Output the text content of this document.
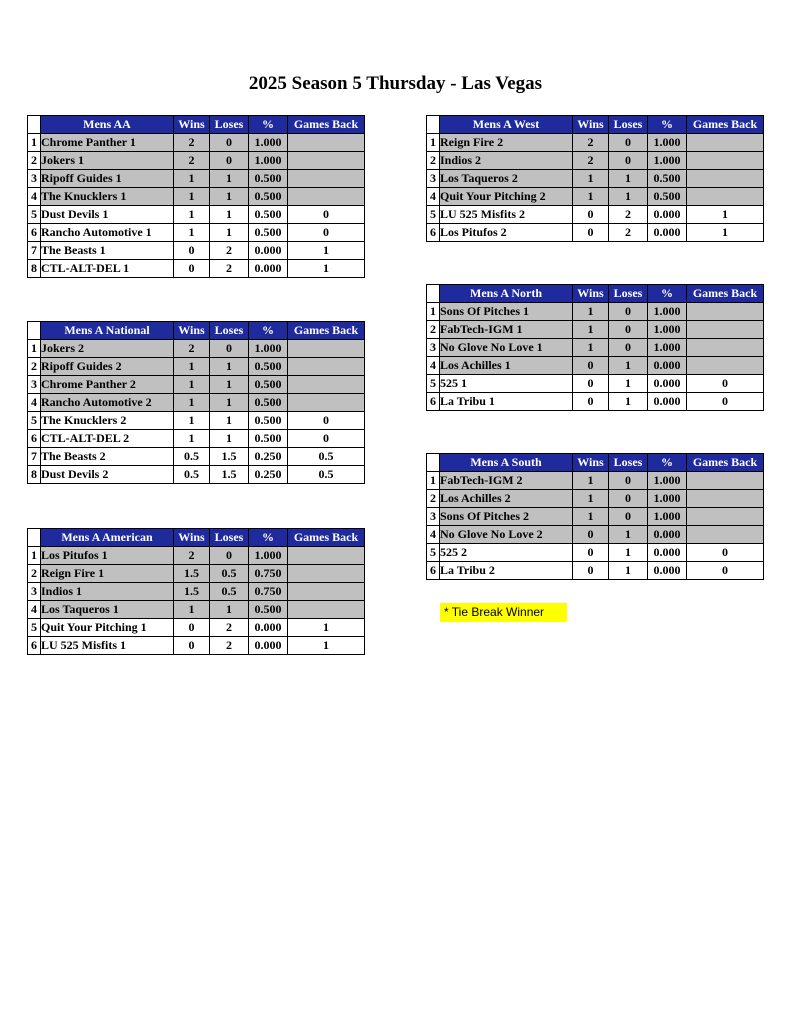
2025 Season 5 Thursday - Las Vegas
	Mens AA	Wins	Loses	%	Games Back
1	Chrome Panther 1	2	0	1.000	
2	Jokers 1	2	0	1.000	
3	Ripoff Guides 1	1	1	0.500	
4	The Knucklers 1	1	1	0.500	
5	Dust Devils 1	1	1	0.500	0
6	Rancho Automotive 1	1	1	0.500	0
7	The Beasts 1	0	2	0.000	1
8	CTL-ALT-DEL 1	0	2	0.000	1
	Mens A National	Wins	Loses	%	Games Back
1	Jokers 2	2	0	1.000	
2	Ripoff Guides 2	1	1	0.500	
3	Chrome Panther 2	1	1	0.500	
4	Rancho Automotive 2	1	1	0.500	
5	The Knucklers 2	1	1	0.500	0
6	CTL-ALT-DEL 2	1	1	0.500	0
7	The Beasts 2	0.5	1.5	0.250	0.5
8	Dust Devils 2	0.5	1.5	0.250	0.5
	Mens A American	Wins	Loses	%	Games Back
1	Los Pitufos 1	2	0	1.000	
2	Reign Fire 1	1.5	0.5	0.750	
3	Indios 1	1.5	0.5	0.750	
4	Los Taqueros 1	1	1	0.500	
5	Quit Your Pitching 1	0	2	0.000	1
6	LU 525 Misfits 1	0	2	0.000	1
	Mens A West	Wins	Loses	%	Games Back
1	Reign Fire 2	2	0	1.000	
2	Indios 2	2	0	1.000	
3	Los Taqueros 2	1	1	0.500	
4	Quit Your Pitching 2	1	1	0.500	
5	LU 525 Misfits 2	0	2	0.000	1
6	Los Pitufos 2	0	2	0.000	1
	Mens A North	Wins	Loses	%	Games Back
1	Sons Of Pitches 1	1	0	1.000	
2	FabTech-IGM 1	1	0	1.000	
3	No Glove No Love 1	1	0	1.000	
4	Los Achilles 1	0	1	0.000	
5	525 1	0	1	0.000	0
6	La Tribu 1	0	1	0.000	0
	Mens A South	Wins	Loses	%	Games Back
1	FabTech-IGM 2	1	0	1.000	
2	Los Achilles 2	1	0	1.000	
3	Sons Of Pitches 2	1	0	1.000	
4	No Glove No Love 2	0	1	0.000	
5	525 2	0	1	0.000	0
6	La Tribu 2	0	1	0.000	0
* Tie Break Winner
